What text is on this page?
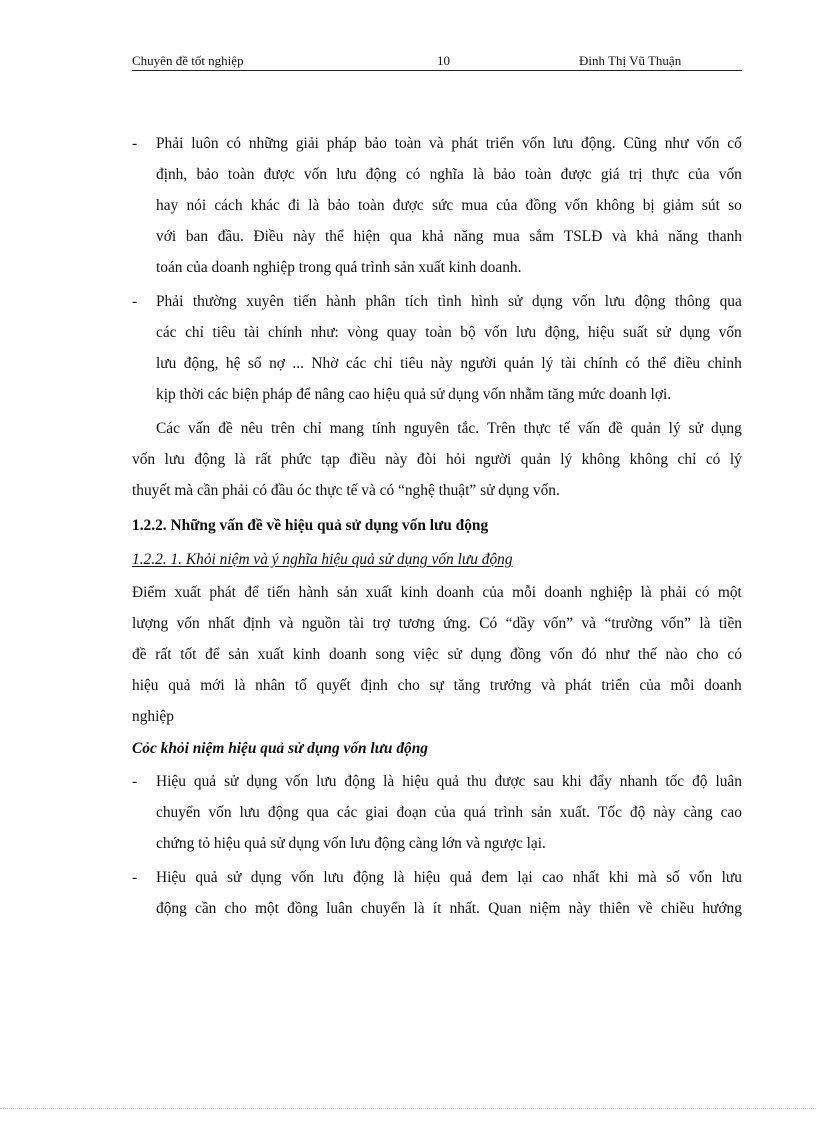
Chuyên đề tốt nghiệp	10	Đinh Thị Vũ Thuận
- Phải luôn có những giải pháp bảo toàn và phát triển vốn lưu động. Cũng như vốn cố
định, bảo toàn được vốn lưu động có nghĩa là bảo toàn được giá trị thực của vốn
hay nói cách khác đi là bảo toàn được sức mua của đồng vốn không bị giảm sút so
với ban đầu. Điều này thể hiện qua khả năng mua sắm TSLĐ và khả năng thanh
toán của doanh nghiệp trong quá trình sản xuất kinh doanh.
- Phải thường xuyên tiến hành phân tích tình hình sử dụng vốn lưu động thông qua
các chỉ tiêu tài chính như: vòng quay toàn bộ vốn lưu động, hiệu suất sử dụng vốn
lưu động, hệ số nợ ... Nhờ các chỉ tiêu này người quản lý tài chính có thể điều chỉnh
kịp thời các biện pháp để nâng cao hiệu quả sử dụng vốn nhằm tăng mức doanh lợi.
Các vấn đề nêu trên chỉ mang tính nguyên tắc. Trên thực tế vấn đề quản lý sử dụng
vốn lưu động là rất phức tạp điều này đòi hỏi người quản lý không không chỉ có lý
thuyết mà cần phải có đầu óc thực tế và có “nghệ thuật” sử dụng vốn.
1.2.2. Những vấn đề về hiệu quả sử dụng vốn lưu động
1.2.2. 1. Khỏi niệm và ý nghĩa hiệu quả sử dụng vốn lưu động
Điểm xuất phát để tiến hành sản xuất kinh doanh của mỗi doanh nghiệp là phải có một
lượng vốn nhất định và nguồn tài trợ tương ứng. Có “dầy vốn” và “trường vốn” là tiền
đề rất tốt để sản xuất kinh doanh song việc sử dụng đồng vốn đó như thế nào cho có
hiệu quả mới là nhân tố quyết định cho sự tăng trưởng và phát triển của mỗi doanh
nghiệp
Cỏc khỏi niệm hiệu quả sử dụng vốn lưu động
- Hiệu quả sử dụng vốn lưu động là hiệu quả thu được sau khi đẩy nhanh tốc độ luân
chuyển vốn lưu động qua các giai đoạn của quá trình sản xuất. Tốc độ này càng cao
chứng tỏ hiệu quả sử dụng vốn lưu động càng lớn và ngược lại.
- Hiệu quả sử dụng vốn lưu động là hiệu quả đem lại cao nhất khi mà số vốn lưu
động cần cho một đồng luân chuyển là ít nhất. Quan niệm này thiên về chiều hướng
